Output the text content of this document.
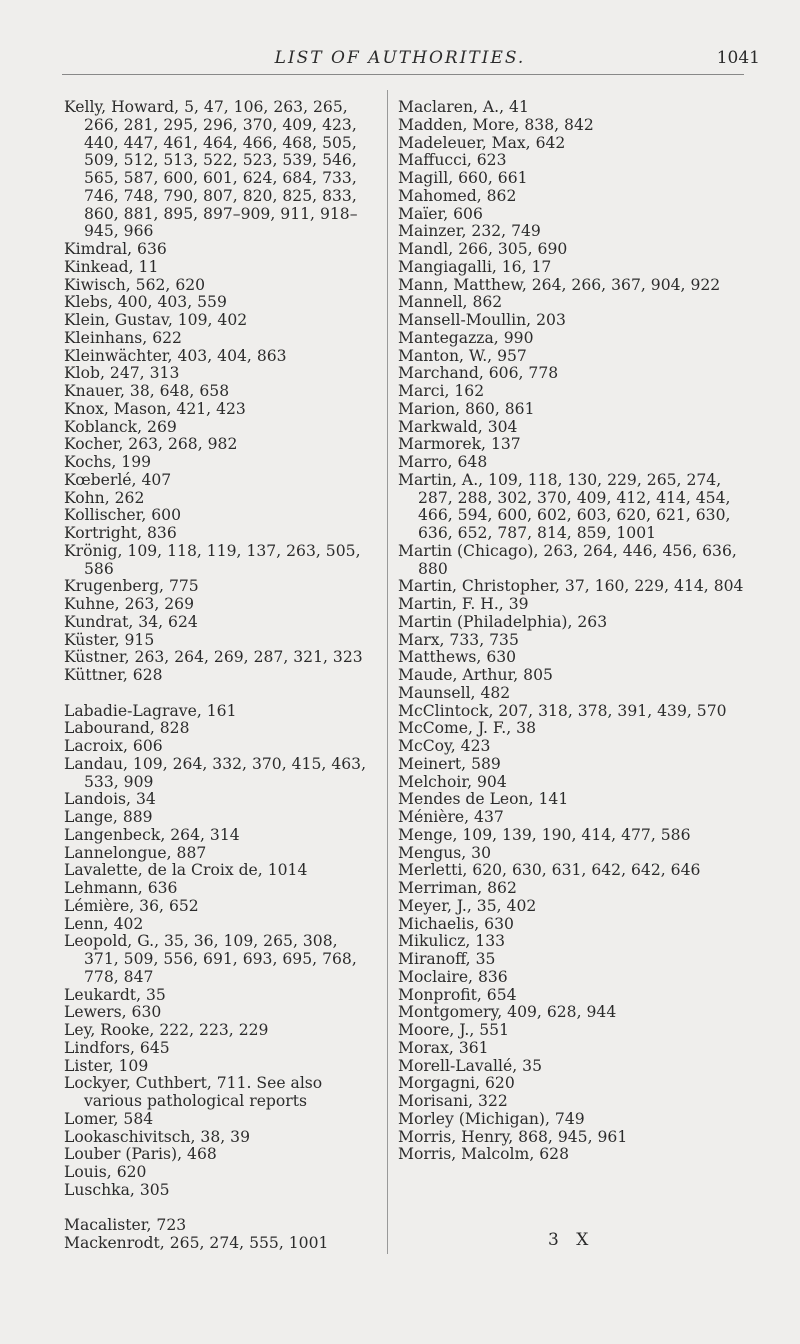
LIST OF AUTHORITIES.	1041

Kelly, Howard, 5, 47, 106, 263, 265, 266, 281, 295, 296, 370, 409, 423, 440, 447, 461, 464, 466, 468, 505, 509, 512, 513, 522, 523, 539, 546, 565, 587, 600, 601, 624, 684, 733, 746, 748, 790, 807, 820, 825, 833, 860, 881, 895, 897–909, 911, 918–945, 966

Kimdral, 636

Kinkead, 11

Kiwisch, 562, 620

Klebs, 400, 403, 559

Klein, Gustav, 109, 402

Kleinhans, 622

Kleinwächter, 403, 404, 863

Klob, 247, 313

Knauer, 38, 648, 658

Knox, Mason, 421, 423

Koblanck, 269

Kocher, 263, 268, 982

Kochs, 199

Kœberlé, 407

Kohn, 262

Kollischer, 600

Kortright, 836

Krönig, 109, 118, 119, 137, 263, 505, 586

Krugenberg, 775

Kuhne, 263, 269

Kundrat, 34, 624

Küster, 915

Küstner, 263, 264, 269, 287, 321, 323

Küttner, 628

Labadie-Lagrave, 161

Labourand, 828

Lacroix, 606

Landau, 109, 264, 332, 370, 415, 463, 533, 909

Landois, 34

Lange, 889

Langenbeck, 264, 314

Lannelongue, 887

Lavalette, de la Croix de, 1014

Lehmann, 636

Lémière, 36, 652

Lenn, 402

Leopold, G., 35, 36, 109, 265, 308, 371, 509, 556, 691, 693, 695, 768, 778, 847

Leukardt, 35

Lewers, 630

Ley, Rooke, 222, 223, 229

Lindfors, 645

Lister, 109

Lockyer, Cuthbert, 711. See also various pathological reports

Lomer, 584

Lookaschivitsch, 38, 39

Louber (Paris), 468

Louis, 620

Luschka, 305

Macalister, 723

Mackenrodt, 265, 274, 555, 1001

Maclaren, A., 41

Madden, More, 838, 842

Madeleuer, Max, 642

Maffucci, 623

Magill, 660, 661

Mahomed, 862

Maïer, 606

Mainzer, 232, 749

Mandl, 266, 305, 690

Mangiagalli, 16, 17

Mann, Matthew, 264, 266, 367, 904, 922

Mannell, 862

Mansell-Moullin, 203

Mantegazza, 990

Manton, W., 957

Marchand, 606, 778

Marci, 162

Marion, 860, 861

Markwald, 304

Marmorek, 137

Marro, 648

Martin, A., 109, 118, 130, 229, 265, 274, 287, 288, 302, 370, 409, 412, 414, 454, 466, 594, 600, 602, 603, 620, 621, 630, 636, 652, 787, 814, 859, 1001

Martin (Chicago), 263, 264, 446, 456, 636, 880

Martin, Christopher, 37, 160, 229, 414, 804

Martin, F. H., 39

Martin (Philadelphia), 263

Marx, 733, 735

Matthews, 630

Maude, Arthur, 805

Maunsell, 482

McClintock, 207, 318, 378, 391, 439, 570

McCome, J. F., 38

McCoy, 423

Meinert, 589

Melchoir, 904

Mendes de Leon, 141

Ménière, 437

Menge, 109, 139, 190, 414, 477, 586

Mengus, 30

Merletti, 620, 630, 631, 642, 642, 646

Merriman, 862

Meyer, J., 35, 402

Michaelis, 630

Mikulicz, 133

Miranoff, 35

Moclaire, 836

Monprofit, 654

Montgomery, 409, 628, 944

Moore, J., 551

Morax, 361

Morell-Lavallé, 35

Morgagni, 620

Morisani, 322

Morley (Michigan), 749

Morris, Henry, 868, 945, 961

Morris, Malcolm, 628

3 X
